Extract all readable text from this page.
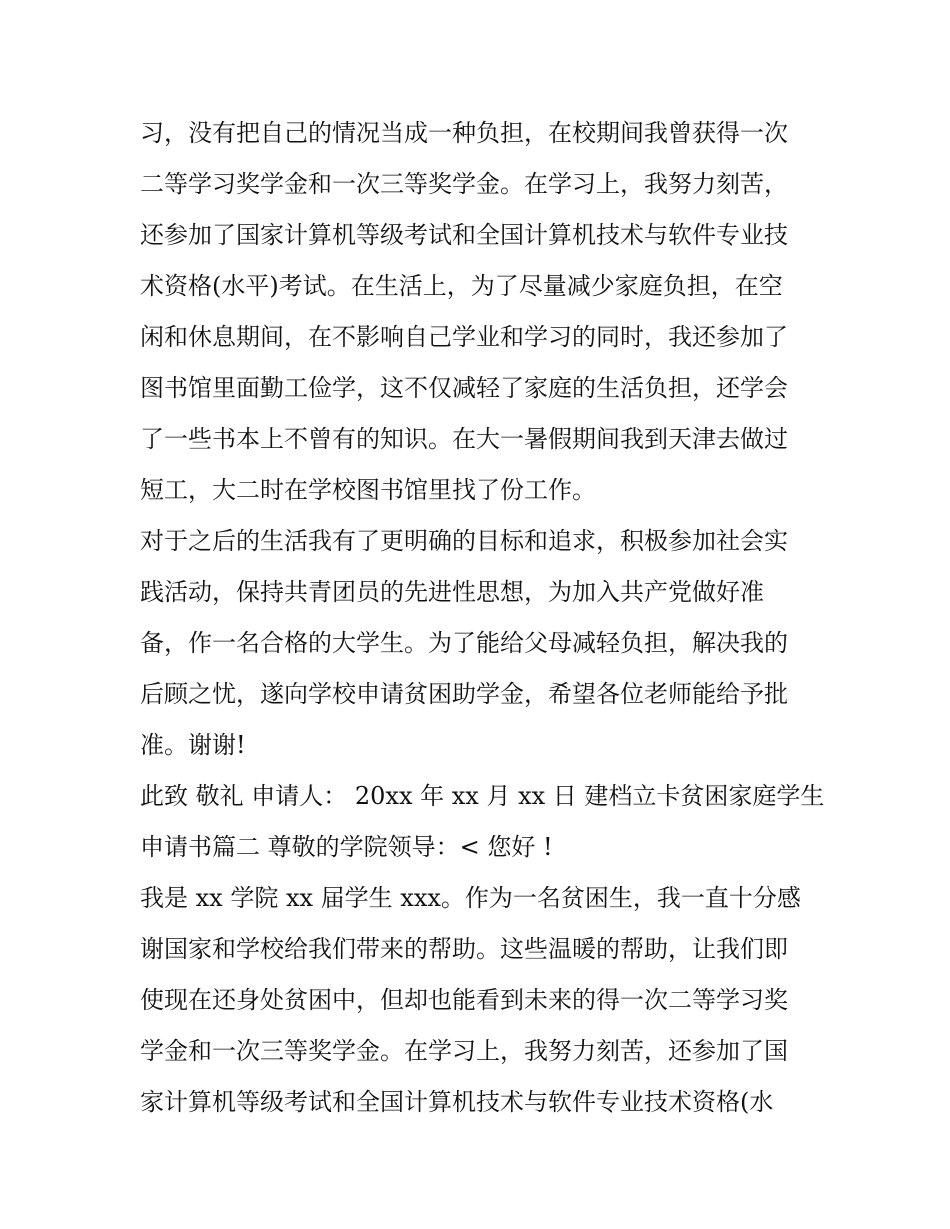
习，没有把自己的情况当成一种负担，在校期间我曾获得一次
二等学习奖学金和一次三等奖学金。在学习上，我努力刻苦，
还参加了国家计算机等级考试和全国计算机技术与软件专业技
术资格(水平)考试。在生活上，为了尽量减少家庭负担，在空
闲和休息期间，在不影响自己学业和学习的同时，我还参加了
图书馆里面勤工俭学，这不仅减轻了家庭的生活负担，还学会
了一些书本上不曾有的知识。在大一暑假期间我到天津去做过
短工，大二时在学校图书馆里找了份工作。
对于之后的生活我有了更明确的目标和追求，积极参加社会实
践活动，保持共青团员的先进性思想，为加入共产党做好准
备，作一名合格的大学生。为了能给父母减轻负担，解决我的
后顾之忧，遂向学校申请贫困助学金，希望各位老师能给予批
准。谢谢!
此致 敬礼 申请人： 20xx 年 xx 月 xx 日 建档立卡贫困家庭学生
申请书篇二 尊敬的学院领导：< 您好 !
我是 xx 学院 xx 届学生 xxx。作为一名贫困生，我一直十分感
谢国家和学校给我们带来的帮助。这些温暖的帮助，让我们即
使现在还身处贫困中，但却也能看到未来的得一次二等学习奖
学金和一次三等奖学金。在学习上，我努力刻苦，还参加了国
家计算机等级考试和全国计算机技术与软件专业技术资格(水
